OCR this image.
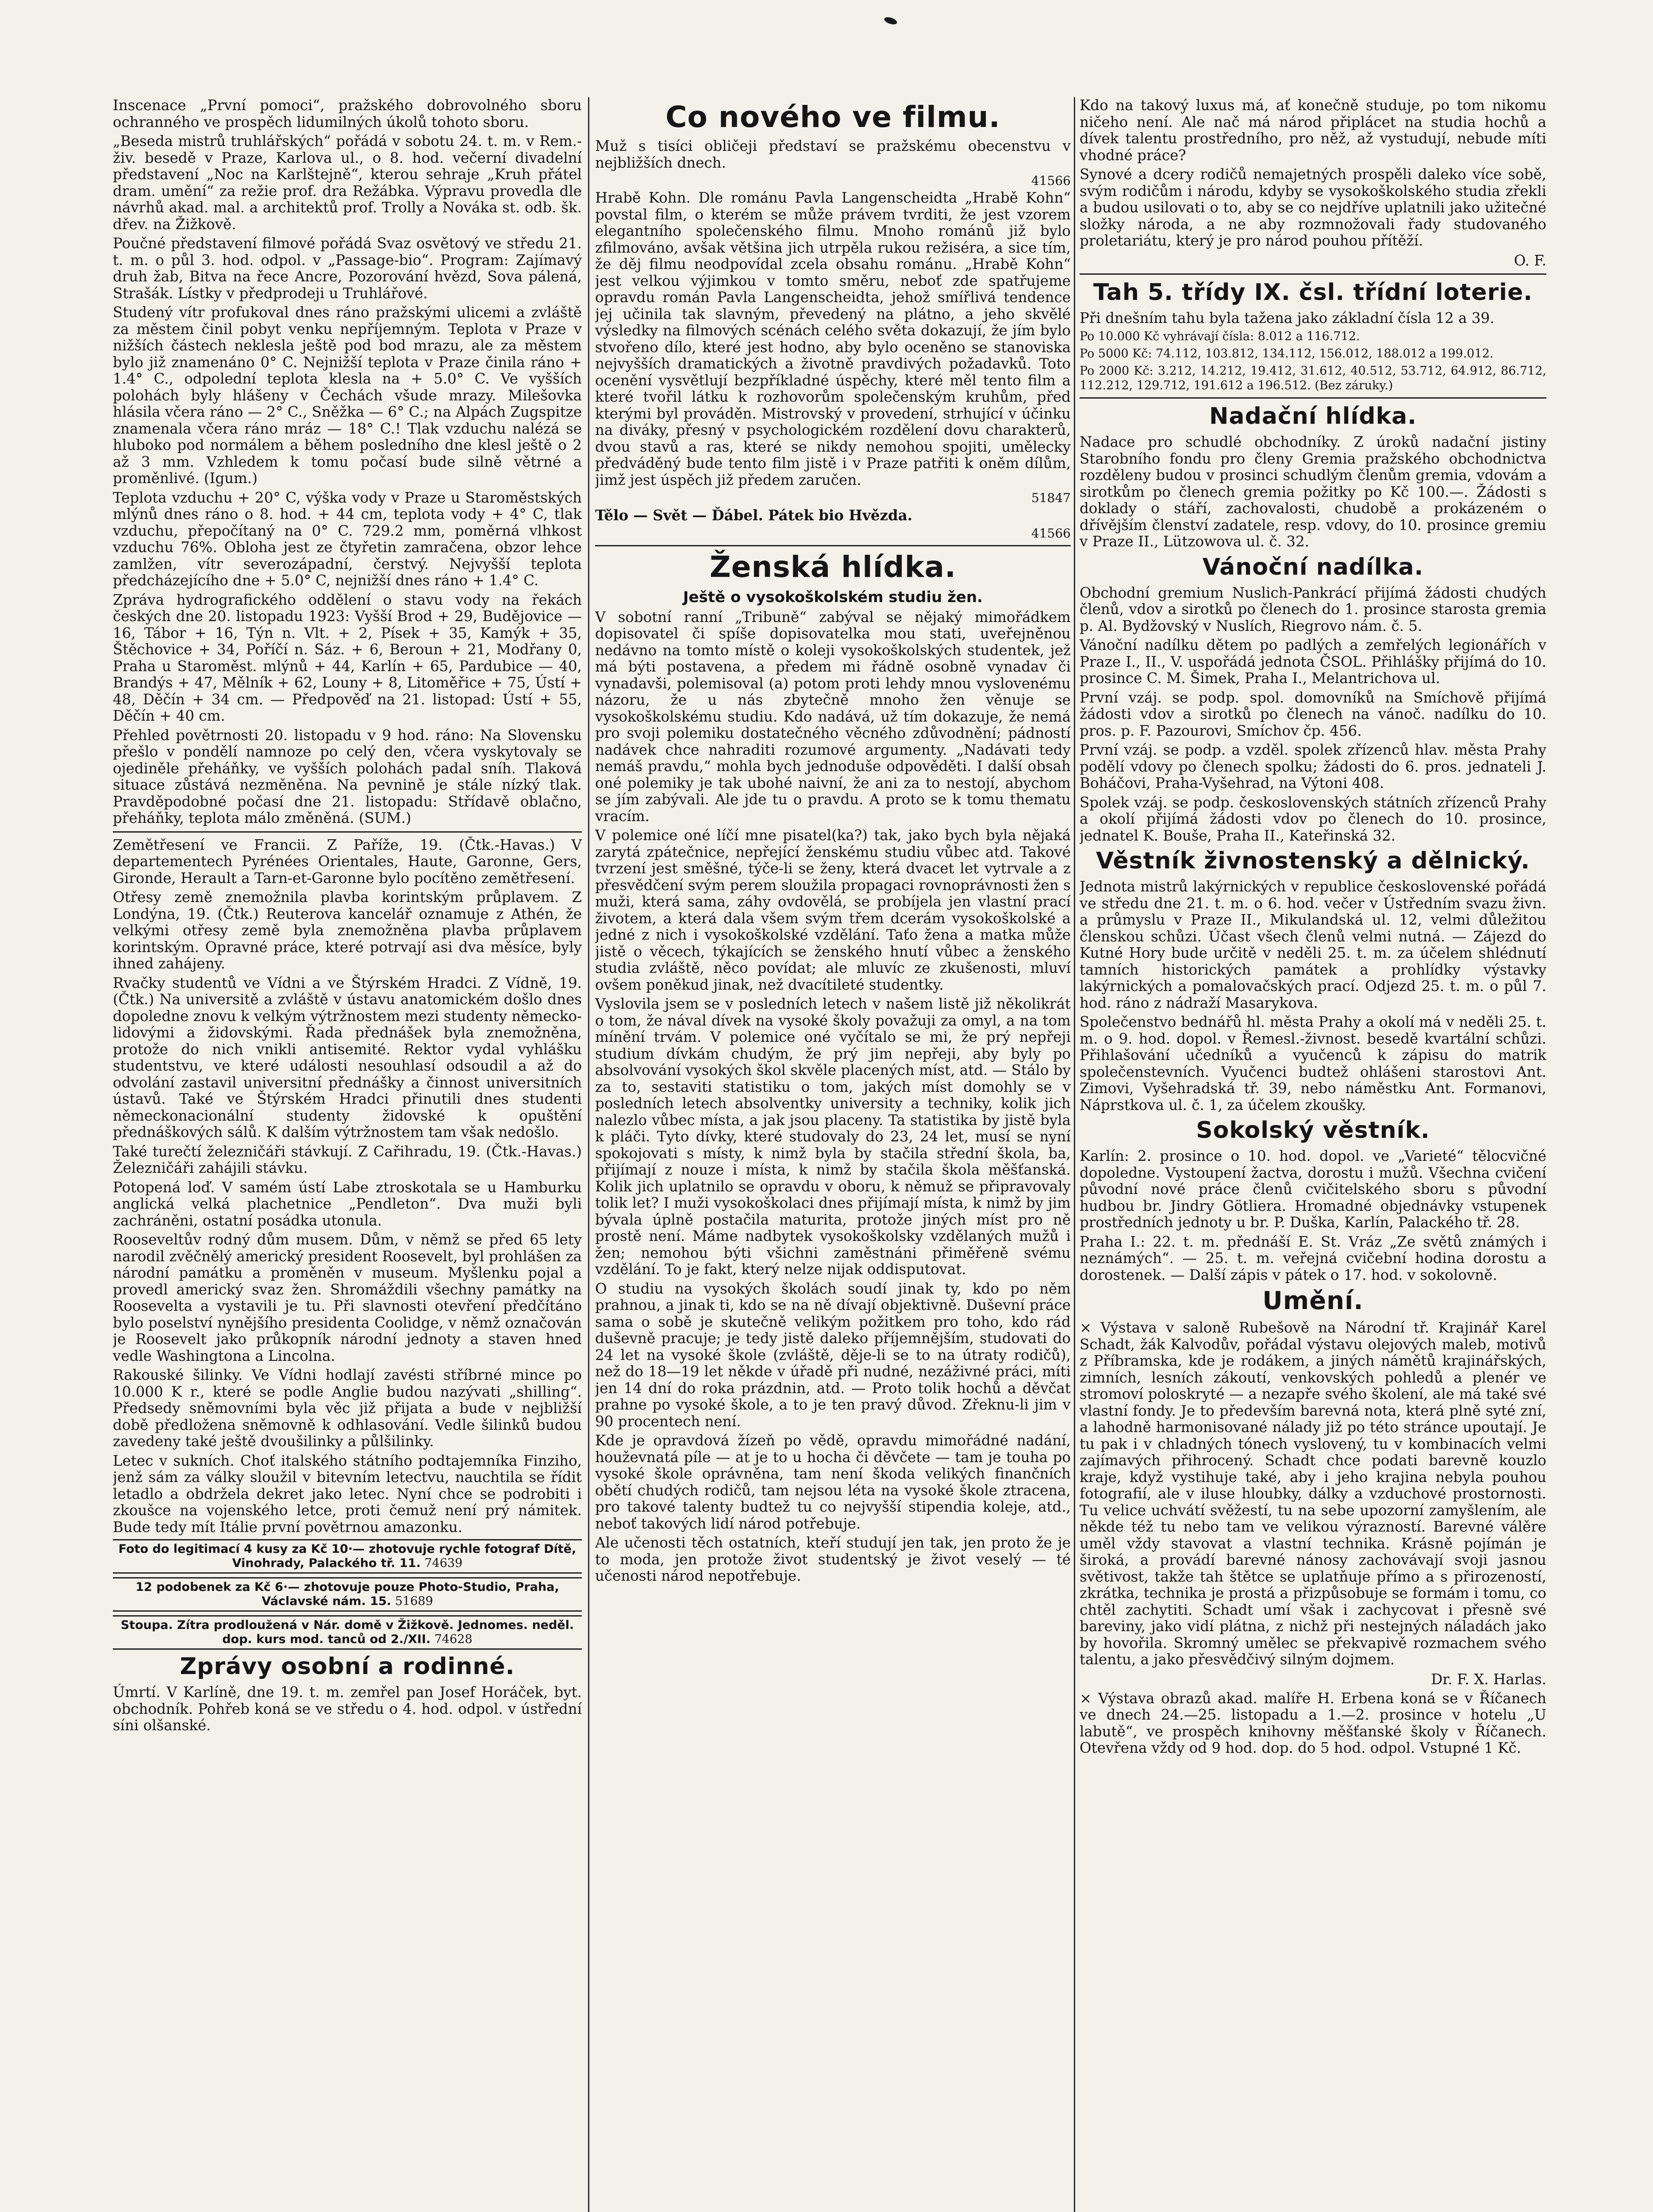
Inscenace „První pomoci“, pražského dobrovolného sboru ochranného ve prospěch lidumilných úkolů tohoto sboru.

„Beseda mistrů truhlářských“ pořádá v sobotu 24. t. m. v Rem.-živ. besedě v Praze, Karlova ul., o 8. hod. večerní divadelní představení „Noc na Karlštejně“, kterou sehraje „Kruh přátel dram. umění“ za režie prof. dra Režábka. Výpravu provedla dle návrhů akad. mal. a architektů prof. Trolly a Nováka st. odb. šk. dřev. na Žižkově.

Poučné představení filmové pořádá Svaz osvětový ve středu 21. t. m. o půl 3. hod. odpol. v „Passage-bio“. Program: Zajímavý druh žab, Bitva na řece Ancre, Pozorování hvězd, Sova pálená, Strašák. Lístky v předprodeji u Truhlářové.

Studený vítr profukoval dnes ráno pražskými ulicemi a zvláště za městem činil pobyt venku nepříjemným. Teplota v Praze v nižších částech neklesla ještě pod bod mrazu, ale za městem bylo již znamenáno 0° C. Nejnižší teplota v Praze činila ráno + 1.4° C., odpolední teplota klesla na + 5.0° C. Ve vyšších polohách byly hlášeny v Čechách všude mrazy. Milešovka hlásila včera ráno — 2° C., Sněžka — 6° C.; na Alpách Zugspitze znamenala včera ráno mráz — 18° C.! Tlak vzduchu nalézá se hluboko pod normálem a během posledního dne klesl ještě o 2 až 3 mm. Vzhledem k tomu počasí bude silně větrné a proměnlivé. (Igum.)

Teplota vzduchu + 20° C, výška vody v Praze u Staroměstských mlýnů dnes ráno o 8. hod. + 44 cm, teplota vody + 4° C, tlak vzduchu, přepočítaný na 0° C. 729.2 mm, poměrná vlhkost vzduchu 76%. Obloha jest ze čtyřetin zamračena, obzor lehce zamlžen, vítr severozápadní, čerstvý. Nejvyšší teplota předcházejícího dne + 5.0° C, nejnižší dnes ráno + 1.4° C.

Zpráva hydrografického oddělení o stavu vody na řekách českých dne 20. listopadu 1923: Vyšší Brod + 29, Budějovice — 16, Tábor + 16, Týn n. Vlt. + 2, Písek + 35, Kamýk + 35, Štěchovice + 34, Poříčí n. Sáz. + 6, Beroun + 21, Modřany 0, Praha u Staroměst. mlýnů + 44, Karlín + 65, Pardubice — 40, Brandýs + 47, Mělník + 62, Louny + 8, Litoměřice + 75, Ústí + 48, Děčín + 34 cm. — Předpověď na 21. listopad: Ústí + 55, Děčín + 40 cm.

Přehled povětrnosti 20. listopadu v 9 hod. ráno: Na Slovensku přešlo v pondělí namnoze po celý den, včera vyskytovaly se ojediněle přeháňky, ve vyšších polohách padal sníh. Tlaková situace zůstává nezměněna. Na pevnině je stále nízký tlak. Pravděpodobné počasí dne 21. listopadu: Střídavě oblačno, přeháňky, teplota málo změněná. (SUM.)

Zemětřesení ve Francii. Z Paříže, 19. (Čtk.-Havas.) V departementech Pyrénées Orientales, Haute, Garonne, Gers, Gironde, Herault a Tarn-et-Garonne bylo pocítěno zemětřesení.

Otřesy země znemožnila plavba korintským průplavem. Z Londýna, 19. (Čtk.) Reuterova kancelář oznamuje z Athén, že velkými otřesy země byla znemožněna plavba průplavem korintským. Opravné práce, které potrvají asi dva měsíce, byly ihned zahájeny.

Rvačky studentů ve Vídni a ve Štýrském Hradci. Z Vídně, 19. (Čtk.) Na universitě a zvláště v ústavu anatomickém došlo dnes dopoledne znovu k velkým výtržnostem mezi studenty německo-lidovými a židovskými. Řada přednášek byla znemožněna, protože do nich vnikli antisemité. Rektor vydal vyhlášku studentstvu, ve které události nesouhlasí odsoudil a až do odvolání zastavil universitní přednášky a činnost universitních ústavů. Také ve Štýrském Hradci přinutili dnes studenti německonacionální studenty židovské k opuštění přednáškových sálů. K dalším výtržnostem tam však nedošlo.

Také turečtí železničáři stávkují. Z Cařihradu, 19. (Čtk.-Havas.) Železničáři zahájili stávku.

Potopená loď. V samém ústí Labe ztroskotala se u Hamburku anglická velká plachetnice „Pendleton“. Dva muži byli zachráněni, ostatní posádka utonula.

Rooseveltův rodný dům musem. Dům, v němž se před 65 lety narodil zvěčnělý americký president Roosevelt, byl prohlášen za národní památku a proměněn v museum. Myšlenku pojal a provedl americký svaz žen. Shromáždili všechny památky na Roosevelta a vystavili je tu. Při slavnosti otevření předčítáno bylo poselství nynějšího presidenta Coolidge, v němž označován je Roosevelt jako průkopník národní jednoty a staven hned vedle Washingtona a Lincolna.

Rakouské šilinky. Ve Vídni hodlají zavésti stříbrné mince po 10.000 K r., které se podle Anglie budou nazývati „shilling“. Předsedy sněmovními byla věc již přijata a bude v nejbližší době předložena sněmovně k odhlasování. Vedle šilinků budou zavedeny také ještě dvoušilinky a půlšilinky.

Letec v sukních. Choť italského státního podtajemníka Finziho, jenž sám za války sloužil v bitevním letectvu, nauchtila se řídit letadlo a obdržela dekret jako letec. Nyní chce se podrobiti i zkoušce na vojenského letce, proti čemuž není prý námitek. Bude tedy mít Itálie první povětrnou amazonku.

Foto do legitimací 4 kusy za Kč 10·— zhotovuje rychle fotograf Dítě, Vinohrady, Palackého tř. 11. 74639
12 podobenek za Kč 6·— zhotovuje pouze Photo-Studio, Praha, Václavské nám. 15. 51689
Stoupa. Zítra prodloužená v Nár. domě v Žižkově. Jednomes. neděl. dop. kurs mod. tanců od 2./XII. 74628
Zprávy osobní a rodinné.

Úmrtí. V Karlíně, dne 19. t. m. zemřel pan Josef Horáček, byt. obchodník. Pohřeb koná se ve středu o 4. hod. odpol. v ústřední síni olšanské.

Co nového ve filmu.

Muž s tisíci obličeji představí se pražskému obecenstvu v nejbližších dnech.

41566

Hrabě Kohn. Dle románu Pavla Langenscheidta „Hrabě Kohn“ povstal film, o kterém se může právem tvrditi, že jest vzorem elegantního společenského filmu. Mnoho románů již bylo zfilmováno, avšak většina jich utrpěla rukou režiséra, a sice tím, že děj filmu neodpovídal zcela obsahu románu. „Hrabě Kohn“ jest velkou výjimkou v tomto směru, neboť zde spatřujeme opravdu román Pavla Langenscheidta, jehož smířlivá tendence jej učinila tak slavným, převedený na plátno, a jeho skvělé výsledky na filmových scénách celého světa dokazují, že jím bylo stvořeno dílo, které jest hodno, aby bylo oceněno se stanoviska nejvyšších dramatických a životně pravdivých požadavků. Toto ocenění vysvětlují bezpříkladné úspěchy, které měl tento film a které tvořil látku k rozhovorům společenským kruhům, před kterými byl prováděn. Mistrovský v provedení, strhující v účinku na diváky, přesný v psychologickém rozdělení dovu charakterů, dvou stavů a ras, které se nikdy nemohou spojiti, umělecky předváděný bude tento film jistě i v Praze patřiti k oněm dílům, jimž jest úspěch již předem zaručen.

51847

Tělo — Svět — Ďábel. Pátek bio Hvězda.

41566
Ženská hlídka.
Ještě o vysokoškolském studiu žen.

V sobotní ranní „Tribuně“ zabýval se nějaký mimořádkem dopisovatel či spíše dopisovatelka mou stati, uveřejněnou nedávno na tomto místě o koleji vysokoškolských studentek, jež má býti postavena, a předem mi řádně osobně vynadav či vynadavši, polemisoval (a) potom proti lehdy mnou vyslovenému názoru, že u nás zbytečně mnoho žen věnuje se vysokoškolskému studiu. Kdo nadává, už tím dokazuje, že nemá pro svoji polemiku dostatečného věcného zdůvodnění; pádností nadávek chce nahraditi rozumové argumenty. „Nadávati tedy nemáš pravdu,“ mohla bych jednoduše odpověděti. I další obsah oné polemiky je tak ubohé naivní, že ani za to nestojí, abychom se jím zabývali. Ale jde tu o pravdu. A proto se k tomu thematu vracím.

V polemice oné líčí mne pisatel(ka?) tak, jako bych byla nějaká zarytá zpátečnice, nepřející ženskému studiu vůbec atd. Takové tvrzení jest směšné, týče-li se ženy, která dvacet let vytrvale a z přesvědčení svým perem sloužila propagaci rovnoprávnosti žen s muži, která sama, záhy ovdovělá, se probíjela jen vlastní prací životem, a která dala všem svým třem dcerám vysokoškolské a jedné z nich i vysokoškolské vzdělání. Taťo žena a matka může jistě o věcech, týkajících se ženského hnutí vůbec a ženského studia zvláště, něco povídat; ale mluvíc ze zkušenosti, mluví ovšem poněkud jinak, než dvacítileté studentky.

Vyslovila jsem se v posledních letech v našem listě již několikrát o tom, že nával dívek na vysoké školy považuji za omyl, a na tom mínění trvám. V polemice oné vyčítalo se mi, že prý nepřeji studium dívkám chudým, že prý jim nepřeji, aby byly po absolvování vysokých škol skvěle placených míst, atd. — Stálo by za to, sestaviti statistiku o tom, jakých míst domohly se v posledních letech absolventky university a techniky, kolik jich nalezlo vůbec místa, a jak jsou placeny. Ta statistika by jistě byla k pláči. Tyto dívky, které studovaly do 23, 24 let, musí se nyní spokojovati s místy, k nimž byla by stačila střední škola, ba, přijímají z nouze i místa, k nimž by stačila škola měšťanská. Kolik jich uplatnilo se opravdu v oboru, k němuž se připravovaly tolik let? I muži vysokoškolaci dnes přijímají místa, k nimž by jim bývala úplně postačila maturita, protože jiných míst pro ně prostě není. Máme nadbytek vysokoškolsky vzdělaných mužů i žen; nemohou býti všichni zaměstnáni přiměřeně svému vzdělání. To je fakt, který nelze nijak oddisputovat.

O studiu na vysokých školách soudí jinak ty, kdo po něm prahnou, a jinak ti, kdo se na ně dívají objektivně. Duševní práce sama o sobě je skutečně velikým požitkem pro toho, kdo rád duševně pracuje; je tedy jistě daleko příjemnějším, studovati do 24 let na vysoké škole (zvláště, děje-li se to na útraty rodičů), než do 18—19 let někde v úřadě při nudné, nezáživné práci, míti jen 14 dní do roka prázdnin, atd. — Proto tolik hochů a děvčat prahne po vysoké škole, a to je ten pravý důvod. Zřeknu-li jim v 90 procentech není.

Kde je opravdová žízeň po vědě, opravdu mimořádné nadání, houževnatá píle — at je to u hocha či děvčete — tam je touha po vysoké škole oprávněna, tam není škoda velikých finančních obětí chudých rodičů, tam nejsou léta na vysoké škole ztracena, pro takové talenty budtež tu co nejvyšší stipendia koleje, atd., neboť takových lidí národ potřebuje.

Ale učenosti těch ostatních, kteří studují jen tak, jen proto že je to moda, jen protože život studentský je život veselý — té učenosti národ nepotřebuje.

Kdo na takový luxus má, ať konečně studuje, po tom nikomu ničeho není. Ale nač má národ připlácet na studia hochů a dívek talentu prostředního, pro něž, až vystudují, nebude míti vhodné práce?

Synové a dcery rodičů nemajetných prospěli daleko více sobě, svým rodičům i národu, kdyby se vysokoškolského studia zřekli a budou usilovati o to, aby se co nejdříve uplatnili jako užitečné složky národa, a ne aby rozmnožovali řady studovaného proletariátu, který je pro národ pouhou přítěží.

O. F.
Tah 5. třídy IX. čsl. třídní loterie.

Při dnešním tahu byla tažena jako základní čísla 12 a 39.

Po 10.000 Kč vyhrávají čísla: 8.012 a 116.712.

Po 5000 Kč: 74.112, 103.812, 134.112, 156.012, 188.012 a 199.012.

Po 2000 Kč: 3.212, 14.212, 19.412, 31.612, 40.512, 53.712, 64.912, 86.712, 112.212, 129.712, 191.612 a 196.512. (Bez záruky.)

Nadační hlídka.

Nadace pro schudlé obchodníky. Z úroků nadační jistiny Starobního fondu pro členy Gremia pražského obchodnictva rozděleny budou v prosinci schudlým členům gremia, vdovám a sirotkům po členech gremia požitky po Kč 100.—. Žádosti s doklady o stáří, zachovalosti, chudobě a prokázeném o dřívějším členství zadatele, resp. vdovy, do 10. prosince gremiu v Praze II., Lützowova ul. č. 32.

Vánoční nadílka.

Obchodní gremium Nuslich-Pankrácí přijímá žádosti chudých členů, vdov a sirotků po členech do 1. prosince starosta gremia p. Al. Bydžovský v Nuslích, Riegrovo nám. č. 5.

Vánoční nadílku dětem po padlých a zemřelých legionářích v Praze I., II., V. uspořádá jednota ČSOL. Přihlášky přijímá do 10. prosince C. M. Šimek, Praha I., Melantrichova ul.

První vzáj. se podp. spol. domovníků na Smíchově přijímá žádosti vdov a sirotků po členech na vánoč. nadílku do 10. pros. p. F. Pazourovi, Smíchov čp. 456.

První vzáj. se podp. a vzděl. spolek zřízenců hlav. města Prahy podělí vdovy po členech spolku; žádosti do 6. pros. jednateli J. Boháčovi, Praha-Vyšehrad, na Výtoni 408.

Spolek vzáj. se podp. československých státních zřízenců Prahy a okolí přijímá žádosti vdov po členech do 10. prosince, jednatel K. Bouše, Praha II., Kateřinská 32.

Věstník živnostenský a dělnický.

Jednota mistrů lakýrnických v republice československé pořádá ve středu dne 21. t. m. o 6. hod. večer v Ústředním svazu živn. a průmyslu v Praze II., Mikulandská ul. 12, velmi důležitou členskou schůzi. Účast všech členů velmi nutná. — Zájezd do Kutné Hory bude určitě v neděli 25. t. m. za účelem shlédnutí tamních historických památek a prohlídky výstavky lakýrnických a pomalovačských prací. Odjezd 25. t. m. o půl 7. hod. ráno z nádraží Masarykova.

Společenstvo bednářů hl. města Prahy a okolí má v neděli 25. t. m. o 9. hod. dopol. v Řemesl.-živnost. besedě kvartální schůzi. Přihlašování učedníků a vyučenců k zápisu do matrik společenstevních. Vyučenci budtež ohlášeni starostovi Ant. Zimovi, Vyšehradská tř. 39, nebo náměstku Ant. Formanovi, Náprstkova ul. č. 1, za účelem zkoušky.

Sokolský věstník.

Karlín: 2. prosince o 10. hod. dopol. ve „Varieté“ tělocvičné dopoledne. Vystoupení žactva, dorostu i mužů. Všechna cvičení původní nové práce členů cvičitelského sboru s původní hudbou br. Jindry Götliera. Hromadné objednávky vstupenek prostředních jednoty u br. P. Duška, Karlín, Palackého tř. 28.

Praha I.: 22. t. m. přednáší E. St. Vráz „Ze světů známých i neznámých“. — 25. t. m. veřejná cvičební hodina dorostu a dorostenek. — Další zápis v pátek o 17. hod. v sokolovně.

Umění.

× Výstava v saloně Rubešově na Národní tř. Krajinář Karel Schadt, žák Kalvodův, pořádal výstavu olejových maleb, motivů z Příbramska, kde je rodákem, a jiných námětů krajinářských, zimních, lesních zákoutí, venkovských pohledů a plenér ve stromoví poloskryté — a nezapře svého školení, ale má také své vlastní fondy. Je to především barevná nota, která plně syté zní, a lahodně harmonisované nálady již po této stránce upoutají. Je tu pak i v chladných tónech vyslovený, tu v kombinacích velmi zajímavých přihrocený. Schadt chce podati barevně kouzlo kraje, když vystihuje také, aby i jeho krajina nebyla pouhou fotografií, ale v iluse hloubky, dálky a vzduchové prostornosti. Tu velice uchvátí svěžestí, tu na sebe upozorní zamyšlením, ale někde též tu nebo tam ve velikou výrazností. Barevné válěre uměl vždy stavovat a vlastní technika. Krásně pojímán je široká, a provádí barevné nánosy zachovávají svoji jasnou světivost, takže tah štětce se uplatňuje přímo a s přirozeností, zkrátka, technika je prostá a přizpůsobuje se formám i tomu, co chtěl zachytiti. Schadt umí však i zachycovat i přesně své bareviny, jako vidí plátna, z nichž při nestejných náladách jako by hovořila. Skromný umělec se překvapivě rozmachem svého talentu, a jako přesvědčivý silným dojmem.

Dr. F. X. Harlas.

× Výstava obrazů akad. malíře H. Erbena koná se v Říčanech ve dnech 24.—25. listopadu a 1.—2. prosince v hotelu „U labutě“, ve prospěch knihovny měšťanské školy v Říčanech. Otevřena vždy od 9 hod. dop. do 5 hod. odpol. Vstupné 1 Kč.
